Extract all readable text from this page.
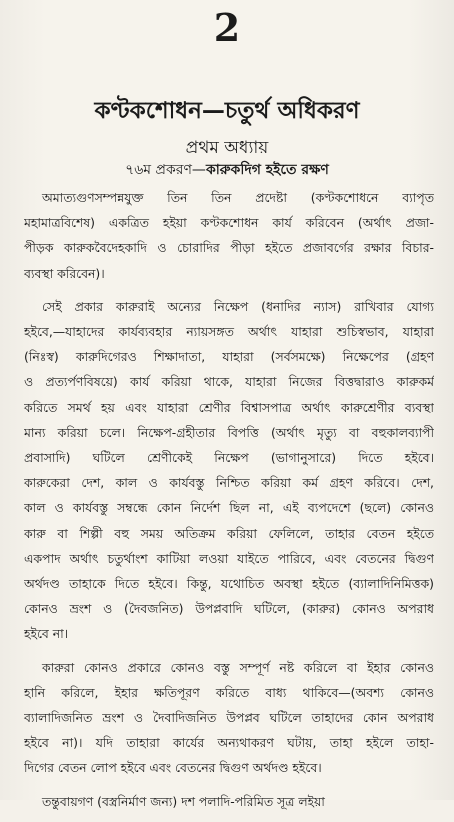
2
কণ্টকশোধন—চতুর্থ অধিকরণ
প্রথম অধ্যায়
৭৬ম প্রকরণ—কারুকদিগ হইতে রক্ষণ
অমাত্যগুণসম্পন্নযুক্ত তিন তিন প্রদেষ্টা (কণ্টকশোধনে ব্যাপৃত
মহামাত্রবিশেষ) একত্রিত হইয়া কণ্টকশোধন কার্য করিবেন (অর্থাৎ প্রজা-
পীড়ক কারুকবৈদেহকাদি ও চোরাদির পীড়া হইতে প্রজাবর্গের রক্ষার বিচার-
ব্যবস্থা করিবেন)।
সেই প্রকার কারুরাই অন্যের নিক্ষেপ (ধনাদির ন্যাস) রাখিবার যোগ্য
হইবে,—যাহাদের কার্যব্যবহার ন্যায়সঙ্গত অর্থাৎ যাহারা শুচিস্বভাব, যাহারা
(নিঃস্ব) কারুদিগেরও শিক্ষাদাতা, যাহারা (সর্বসমক্ষে) নিক্ষেপের (গ্রহণ
ও প্রত্যর্পণবিষয়ে) কার্য করিয়া থাকে, যাহারা নিজের বিত্তদ্বারাও কারুকর্ম
করিতে সমর্থ হয় এবং যাহারা শ্রেণীর বিশ্বাসপাত্র অর্থাৎ কারুশ্রেণীর ব্যবস্থা
মান্য করিয়া চলে। নিক্ষেপ-গ্রহীতার বিপত্তি (অর্থাৎ মৃত্যু বা বহুকালব্যাপী
প্রবাসাদি) ঘটিলে শ্রেণীকেই নিক্ষেপ (ভাগানুসারে) দিতে হইবে।
কারুকেরা দেশ, কাল ও কার্যবস্তু নিশ্চিত করিয়া কর্ম গ্রহণ করিবে। দেশ,
কাল ও কার্যবস্তু সম্বন্ধে কোন নির্দেশ ছিল না, এই ব্যপদেশে (ছলে) কোনও
কারু বা শিল্পী বহু সময় অতিক্রম করিয়া ফেলিলে, তাহার বেতন হইতে
একপাদ অর্থাৎ চতুর্থাংশ কাটিয়া লওয়া যাইতে পারিবে, এবং বেতনের দ্বিগুণ
অর্থদণ্ড তাহাকে দিতে হইবে। কিন্তু, যথোচিত অবস্থা হইতে (ব্যালাদিনিমিত্তক)
কোনও ভ্রংশ ও (দৈবজনিত) উপপ্লবাদি ঘটিলে, (কারুর) কোনও অপরাধ
হইবে না।
কারুরা কোনও প্রকারে কোনও বস্তু সম্পূর্ণ নষ্ট করিলে বা ইহার কোনও
হানি করিলে, ইহার ক্ষতিপূরণ করিতে বাধ্য থাকিবে—(অবশ্য কোনও
ব্যালাদিজনিত ভ্রংশ ও দৈবাদিজনিত উপপ্লব ঘটিলে তাহাদের কোন অপরাধ
হইবে না)। যদি তাহারা কার্যের অন্যথাকরণ ঘটায়, তাহা হইলে তাহা-
দিগের বেতন লোপ হইবে এবং বেতনের দ্বিগুণ অর্থদণ্ড হইবে।
তন্তুবায়গণ (বস্ত্রনির্মাণ জন্য) দশ পলাদি-পরিমিত সূত্র লইয়া
